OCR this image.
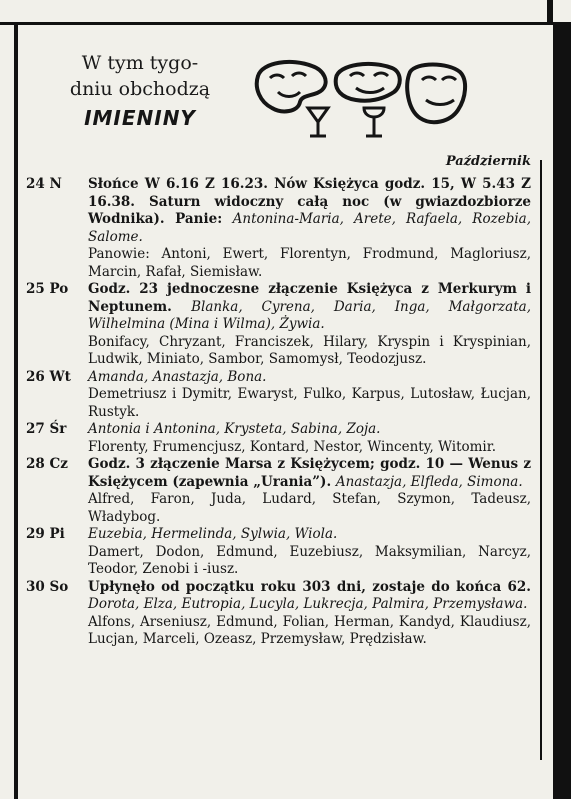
W tym tygo-
dniu obchodzą
IMIENINY
Październik
24 N	Słońce W 6.16 Z 16.23. Nów Księżyca godz. 15, W 5.43 Z 16.38. Saturn widoczny całą noc (w gwiazdozbiorze Wodnika). Panie: Antonina-Maria, Arete, Rafaela, Rozebia, Salome.

Panowie: Antoni, Ewert, Florentyn, Frodmund, Magloriusz, Marcin, Rafał, Siemisław.

25 Po	Godz. 23 jednoczesne złączenie Księżyca z Merkurym i Neptunem. Blanka, Cyrena, Daria, Inga, Małgorzata, Wilhelmina (Mina i Wilma), Żywia.

Bonifacy, Chryzant, Franciszek, Hilary, Kryspin i Kryspinian, Ludwik, Miniato, Sambor, Samomysł, Teodozjusz.

26 Wt	Amanda, Anastazja, Bona.

Demetriusz i Dymitr, Ewaryst, Fulko, Karpus, Lutosław, Łucjan, Rustyk.

27 Śr	Antonia i Antonina, Krysteta, Sabina, Zoja.

Florenty, Frumencjusz, Kontard, Nestor, Wincenty, Witomir.

28 Cz	Godz. 3 złączenie Marsa z Księżycem; godz. 10 — Wenus z Księżycem (zapewnia „Urania”). Anastazja, Elfleda, Simona.

Alfred, Faron, Juda, Ludard, Stefan, Szymon, Tadeusz, Władybog.

29 Pi	Euzebia, Hermelinda, Sylwia, Wiola.

Damert, Dodon, Edmund, Euzebiusz, Maksymilian, Narcyz, Teodor, Zenobi i -iusz.

30 So	Upłynęło od początku roku 303 dni, zostaje do końca 62. Dorota, Elza, Eutropia, Lucyla, Lukrecja, Palmira, Przemysława.

Alfons, Arseniusz, Edmund, Folian, Herman, Kandyd, Klaudiusz, Lucjan, Marceli, Ozeasz, Przemysław, Prędzisław.
